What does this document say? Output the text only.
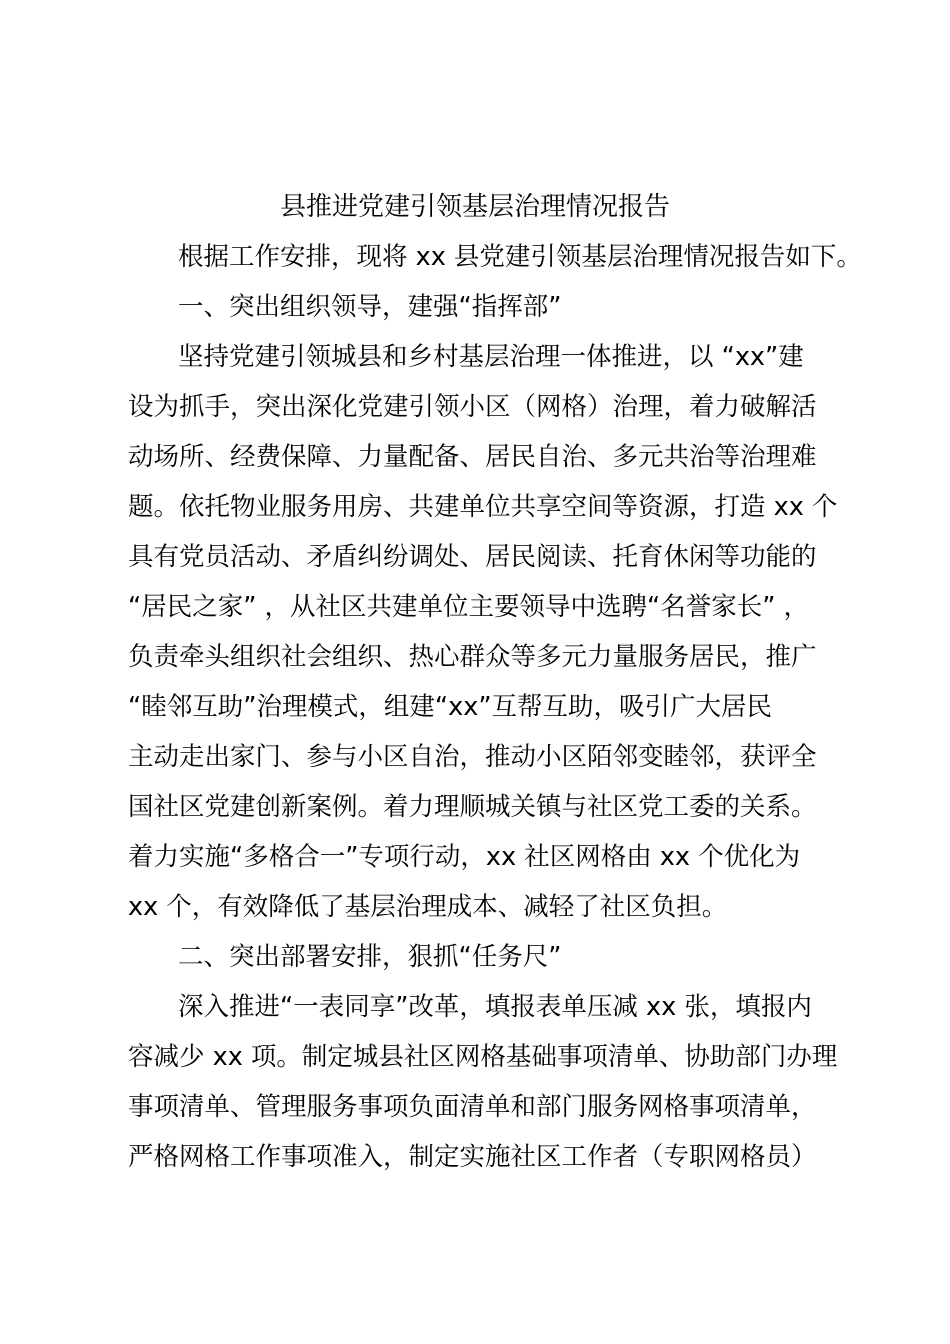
县推进党建引领基层治理情况报告
根据工作安排，现将 xx 县党建引领基层治理情况报告如下。
一、突出组织领导，建强“指挥部”
坚持党建引领城县和乡村基层治理一体推进，以 “xx”建
设为抓手，突出深化党建引领小区（网格）治理，着力破解活
动场所、经费保障、力量配备、居民自治、多元共治等治理难
题。依托物业服务用房、共建单位共享空间等资源，打造 xx 个
具有党员活动、矛盾纠纷调处、居民阅读、托育休闲等功能的
“居民之家” ，从社区共建单位主要领导中选聘“名誉家长” ，
负责牵头组织社会组织、热心群众等多元力量服务居民，推广
“睦邻互助”治理模式，组建“xx”互帮互助，吸引广大居民
主动走出家门、参与小区自治，推动小区陌邻变睦邻，获评全
国社区党建创新案例。着力理顺城关镇与社区党工委的关系。
着力实施“多格合一”专项行动，xx 社区网格由 xx 个优化为
xx 个，有效降低了基层治理成本、减轻了社区负担。
二、突出部署安排，狠抓“任务尺”
深入推进“一表同享”改革，填报表单压减 xx 张，填报内
容减少 xx 项。制定城县社区网格基础事项清单、协助部门办理
事项清单、管理服务事项负面清单和部门服务网格事项清单，
严格网格工作事项准入，制定实施社区工作者（专职网格员）
